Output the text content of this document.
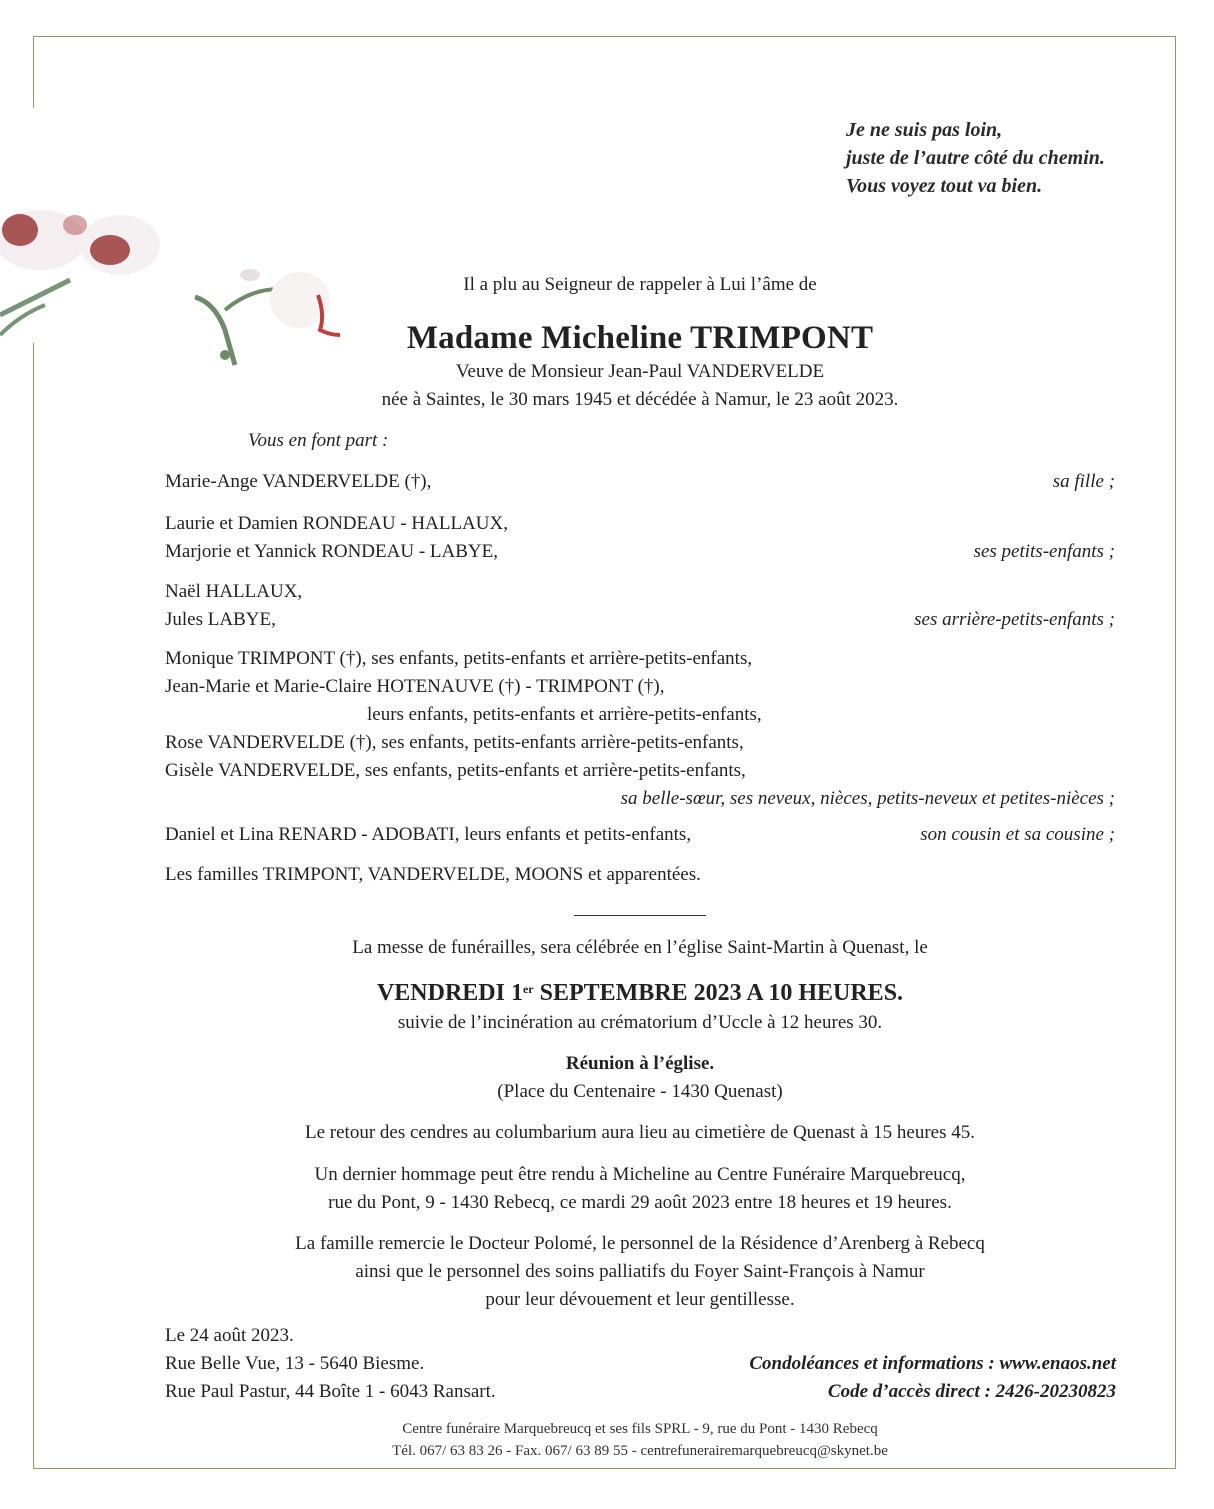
Je ne suis pas loin,
juste de l’autre côté du chemin.
Vous voyez tout va bien.
Il a plu au Seigneur de rappeler à Lui l’âme de
Madame Micheline TRIMPONT
Veuve de Monsieur Jean-Paul VANDERVELDE
née à Saintes, le 30 mars 1945 et décédée à Namur, le 23 août 2023.
Vous en font part :
Marie-Ange VANDERVELDE (†),	sa fille ;
Laurie et Damien RONDEAU - HALLAUX,
Marjorie et Yannick RONDEAU - LABYE,	ses petits-enfants ;
Naël HALLAUX,
Jules LABYE,	ses arrière-petits-enfants ;
Monique TRIMPONT (†), ses enfants, petits-enfants et arrière-petits-enfants,
Jean-Marie et Marie-Claire HOTENAUVE (†) - TRIMPONT (†),
leurs enfants, petits-enfants et arrière-petits-enfants,
Rose VANDERVELDE (†), ses enfants, petits-enfants arrière-petits-enfants,
Gisèle VANDERVELDE, ses enfants, petits-enfants et arrière-petits-enfants,
sa belle-sœur, ses neveux, nièces, petits-neveux et petites-nièces ;
Daniel et Lina RENARD - ADOBATI, leurs enfants et petits-enfants,	son cousin et sa cousine ;
Les familles TRIMPONT, VANDERVELDE, MOONS et apparentées.
La messe de funérailles, sera célébrée en l’église Saint-Martin à Quenast, le
VENDREDI 1er SEPTEMBRE 2023 A 10 HEURES.
suivie de l’incinération au crématorium d’Uccle à 12 heures 30.
Réunion à l’église.
(Place du Centenaire - 1430 Quenast)
Le retour des cendres au columbarium aura lieu au cimetière de Quenast à 15 heures 45.
Un dernier hommage peut être rendu à Micheline au Centre Funéraire Marquebreucq,
rue du Pont, 9 - 1430 Rebecq, ce mardi 29 août 2023 entre 18 heures et 19 heures.
La famille remercie le Docteur Polomé, le personnel de la Résidence d’Arenberg à Rebecq
ainsi que le personnel des soins palliatifs du Foyer Saint-François à Namur
pour leur dévouement et leur gentillesse.
Le 24 août 2023.
Rue Belle Vue, 13 - 5640 Biesme.
Rue Paul Pastur, 44 Boîte 1 - 6043 Ransart.
Condoléances et informations : www.enaos.net
Code d’accès direct : 2426-20230823
Centre funéraire Marquebreucq et ses fils SPRL - 9, rue du Pont - 1430 Rebecq
Tél. 067/ 63 83 26 - Fax. 067/ 63 89 55 - centrefunerairemarquebreucq@skynet.be
